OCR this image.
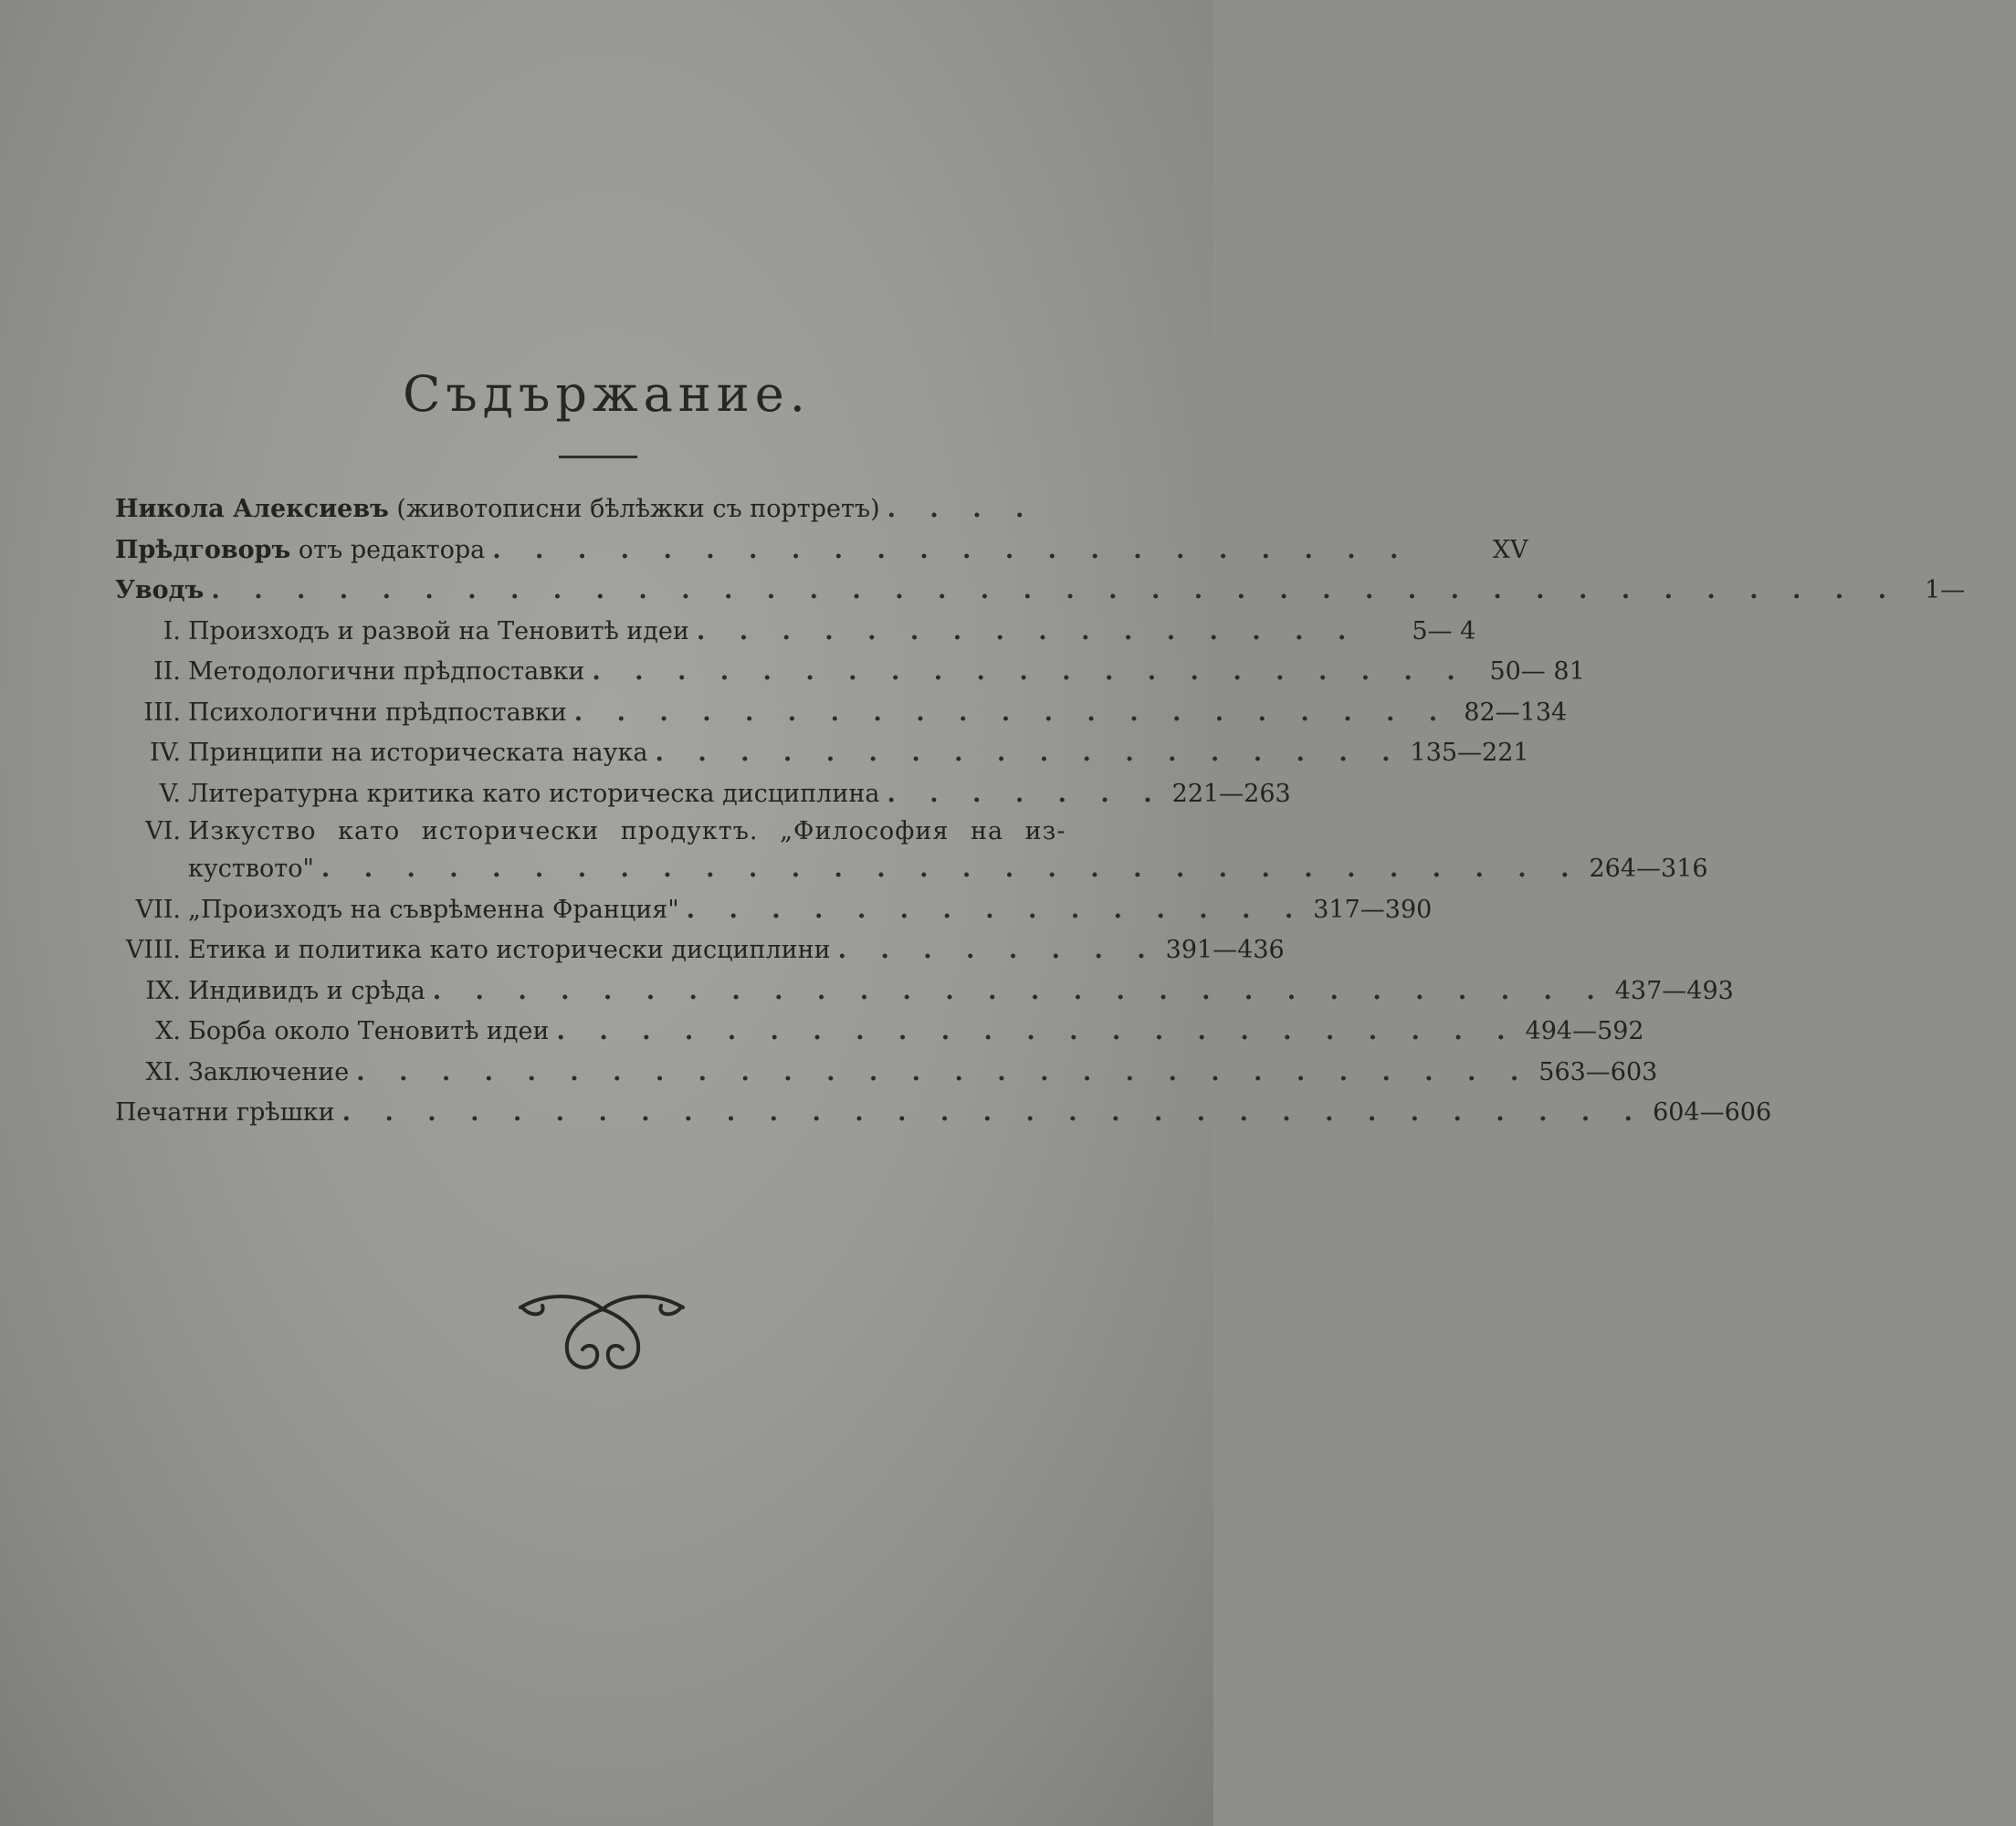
Съдържание.
Никола Алексиевъ (животописни бѣлѣжки съ портретъ) . . . .
Прѣдговоръ отъ редактора . . . . . . . . . . . . . . . . . . . . . .	XV
Уводъ . . . . . . . . . . . . . . . . . . . . . . . . . . . . . . . . . . . . . . . .	1—
I. Произходъ и развой на Теновитѣ идеи . . . . . . . . . . . . . . . .	5— 4
II. Методологични прѣдпоставки . . . . . . . . . . . . . . . . . . . . . 50— 81
III. Психологични прѣдпоставки . . . . . . . . . . . . . . . . . . . . . 82—134
IV. Принципи на историческата наука . . . . . . . . . . . . . . . . . . 135—221
V. Литературна критика като историческа дисциплина . . . . . . . 221—263
VI. Изкуство като исторически продуктъ. „Философия на из-
куството" . . . . . . . . . . . . . . . . . . . . . . . . . . . . . . 264—316
VII. „Произходъ на съврѣменна Франция" . . . . . . . . . . . . . . . 317—390
VIII. Етика и политика като исторически дисциплини . . . . . . . . 391—436
IX. Индивидъ и срѣда . . . . . . . . . . . . . . . . . . . . . . . . . . . . 437—493
X. Борба около Теновитѣ идеи . . . . . . . . . . . . . . . . . . . . . . . 494—592
XI. Заключение . . . . . . . . . . . . . . . . . . . . . . . . . . . . 563—603
Печатни грѣшки . . . . . . . . . . . . . . . . . . . . . . . . . . . . . . . 604—606
